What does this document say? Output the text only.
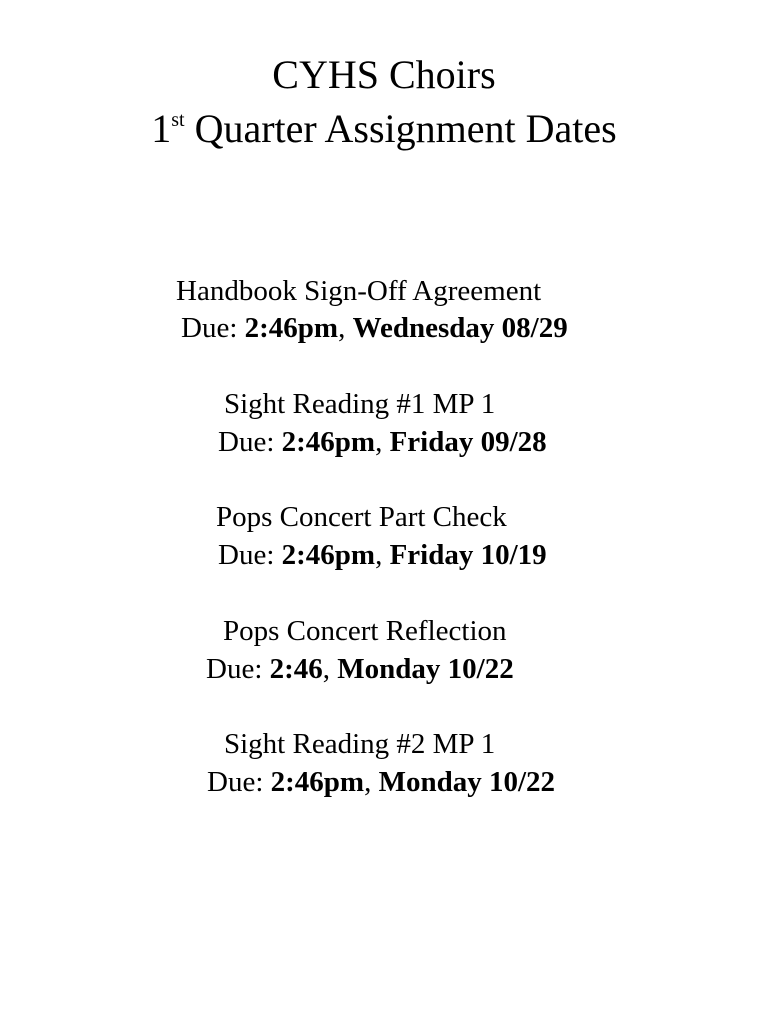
CYHS Choirs
1st Quarter Assignment Dates
Handbook Sign-Off Agreement
Due: 2:46pm, Wednesday 08/29
Sight Reading #1 MP 1
Due: 2:46pm, Friday 09/28
Pops Concert Part Check
Due: 2:46pm, Friday 10/19
Pops Concert Reflection
Due: 2:46, Monday 10/22
Sight Reading #2 MP 1
Due: 2:46pm, Monday 10/22
